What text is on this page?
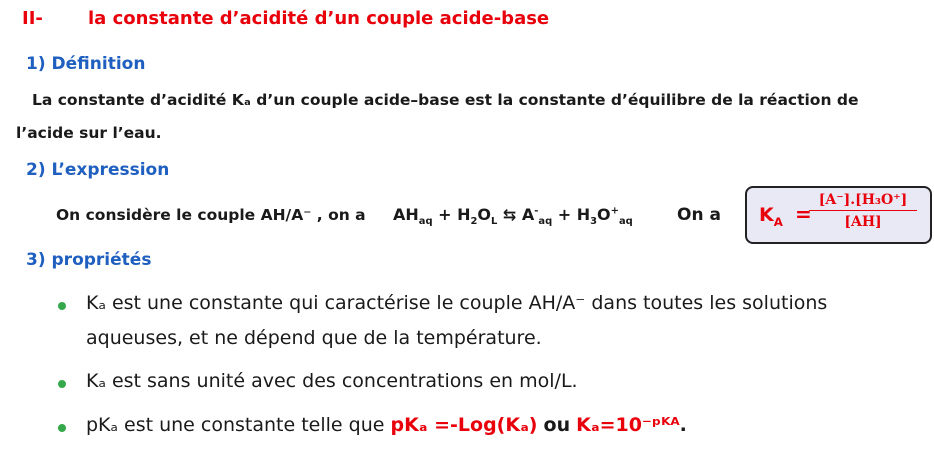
II-	la constante d’acidité d’un couple acide-base
1) Définition
La constante d’acidité Kₐ d’un couple acide–base est la constante d’équilibre de la réaction de
l’acide sur l’eau.
2) L’expression
On considère le couple AH/A⁻ , on a $AH_{aq} + H_2O_L$ ⇆ $A^-_{aq} + H_3O^+_{aq}$	On a $K_A$ =
$\frac{\text{[A⁻].[H₃O⁺]}}{[AH]}$
3) propriétés
Kₐ est une constante qui caractérise le couple AH/A⁻ dans toutes les solutions
aqueuses, et ne dépend que de la température.
Kₐ est sans unité avec des concentrations en mol/L.
pKₐ est une constante telle que pKₐ =-Log(Kₐ) ou Kₐ=10⁻ᵖᴷᴬ.
